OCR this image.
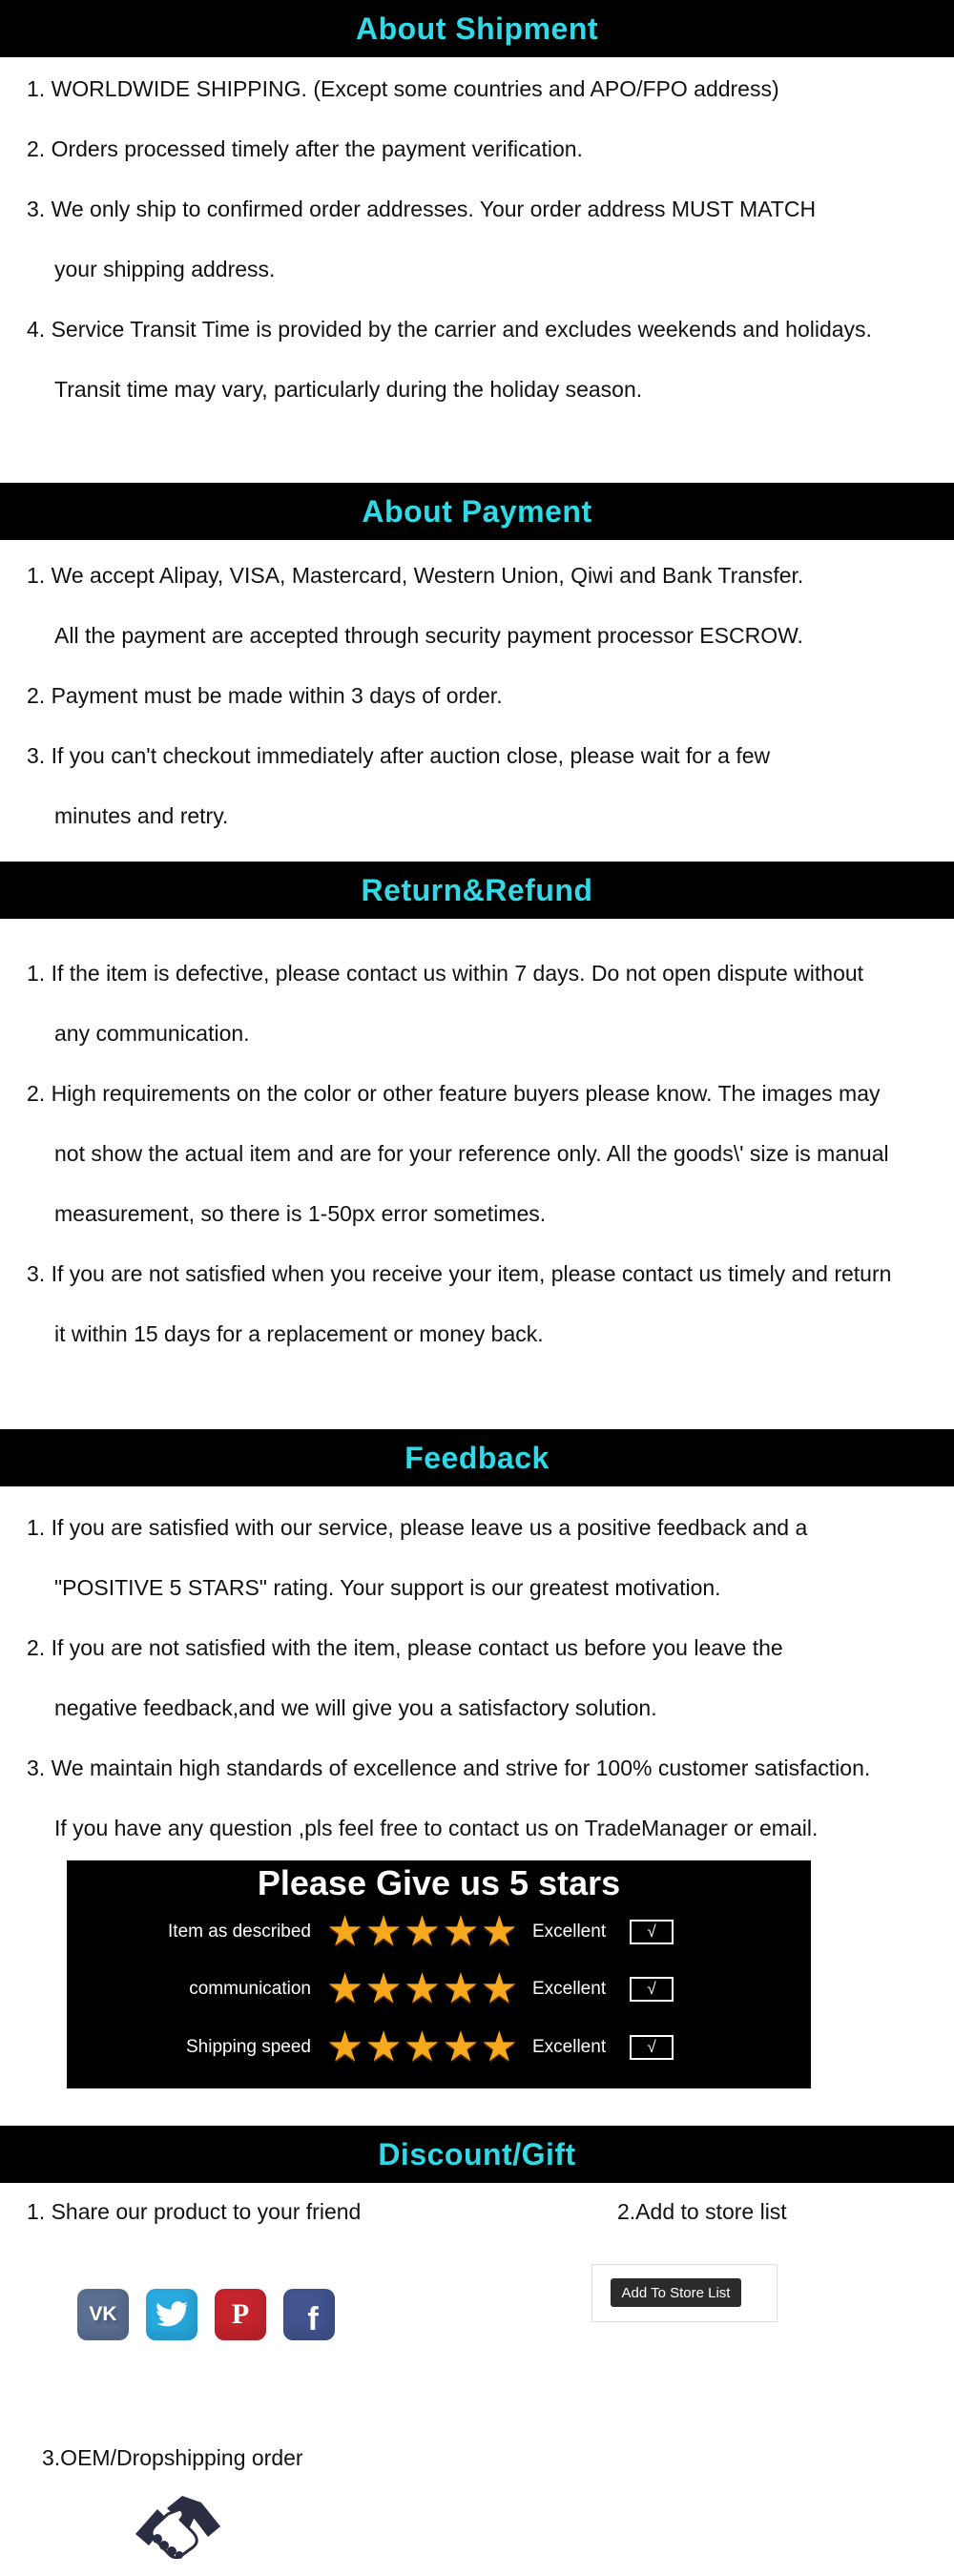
About Shipment
About Payment
Return&Refund
Feedback
Discount/Gift
1. WORLDWIDE SHIPPING. (Except some countries and APO/FPO address)
2. Orders processed timely after the payment verification.
3. We only ship to confirmed order addresses. Your order address MUST MATCH
your shipping address.
4. Service Transit Time is provided by the carrier and excludes weekends and holidays.
Transit time may vary, particularly during the holiday season.
1. We accept Alipay, VISA, Mastercard, Western Union, Qiwi and Bank Transfer.
All the payment are accepted through security payment processor ESCROW.
2. Payment must be made within 3 days of order.
3. If you can't checkout immediately after auction close, please wait for a few
minutes and retry.
1. If the item is defective, please contact us within 7 days. Do not open dispute without
any communication.
2. High requirements on the color or other feature buyers please know. The images may
not show the actual item and are for your reference only. All the goods\' size is manual
measurement, so there is 1-50px error sometimes.
3. If you are not satisfied when you receive your item, please contact us timely and return
it within 15 days for a replacement or money back.
1. If you are satisfied with our service, please leave us a positive feedback and a
"POSITIVE 5 STARS" rating. Your support is our greatest motivation.
2. If you are not satisfied with the item, please contact us before you leave the
negative feedback,and we will give you a satisfactory solution.
3. We maintain high standards of excellence and strive for 100% customer satisfaction.
If you have any question ,pls feel free to contact us on TradeManager or email.
Please Give us 5 stars
Item as described ★★★★★ Excellent	√
communication ★★★★★ Excellent	√
Shipping speed ★★★★★ Excellent	√
1. Share our product to your friend	2.Add to store list
VK	P f
Add To Store List
3.OEM/Dropshipping order
